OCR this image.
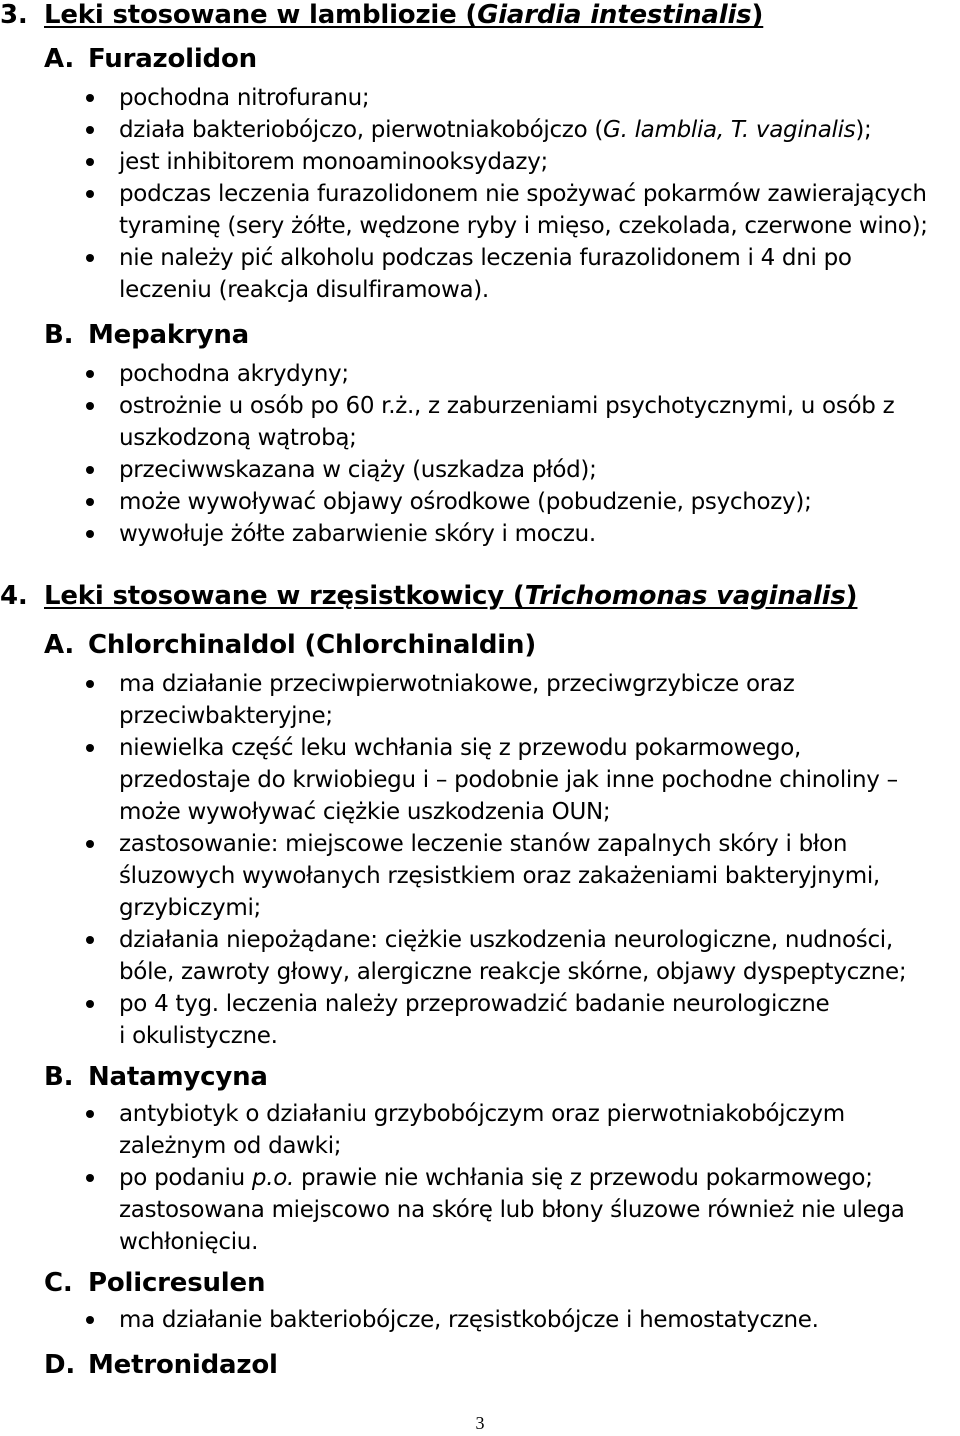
3. Leki stosowane w lambliozie (Giardia intestinalis)
A. Furazolidon
pochodna nitrofuranu;
działa bakteriobójczo, pierwotniakobójczo (G. lamblia, T. vaginalis);
jest inhibitorem monoaminooksydazy;
podczas leczenia furazolidonem nie spożywać pokarmów zawierających
tyraminę (sery żółte, wędzone ryby i mięso, czekolada, czerwone wino);
nie należy pić alkoholu podczas leczenia furazolidonem i 4 dni po
leczeniu (reakcja disulfiramowa).
B. Mepakryna
pochodna akrydyny;
ostrożnie u osób po 60 r.ż., z zaburzeniami psychotycznymi, u osób z
uszkodzoną wątrobą;
przeciwwskazana w ciąży (uszkadza płód);
może wywoływać objawy ośrodkowe (pobudzenie, psychozy);
wywołuje żółte zabarwienie skóry i moczu.
4. Leki stosowane w rzęsistkowicy (Trichomonas vaginalis)
A. Chlorchinaldol (Chlorchinaldin)
ma działanie przeciwpierwotniakowe, przeciwgrzybicze oraz
przeciwbakteryjne;
niewielka część leku wchłania się z przewodu pokarmowego,
przedostaje do krwiobiegu i – podobnie jak inne pochodne chinoliny –
może wywoływać ciężkie uszkodzenia OUN;
zastosowanie: miejscowe leczenie stanów zapalnych skóry i błon
śluzowych wywołanych rzęsistkiem oraz zakażeniami bakteryjnymi,
grzybiczymi;
działania niepożądane: ciężkie uszkodzenia neurologiczne, nudności,
bóle, zawroty głowy, alergiczne reakcje skórne, objawy dyspeptyczne;
po 4 tyg. leczenia należy przeprowadzić badanie neurologiczne
i okulistyczne.
B. Natamycyna
antybiotyk o działaniu grzybobójczym oraz pierwotniakobójczym
zależnym od dawki;
po podaniu p.o. prawie nie wchłania się z przewodu pokarmowego;
zastosowana miejscowo na skórę lub błony śluzowe również nie ulega
wchłonięciu.
C. Policresulen
ma działanie bakteriobójcze, rzęsistkobójcze i hemostatyczne.
D. Metronidazol
3
